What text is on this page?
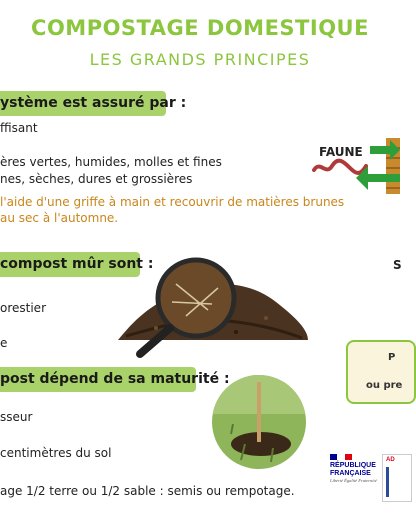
COMPOSTAGE DOMESTIQUE
LES GRANDS PRINCIPES
ystème est assuré par :
ffisant
ères vertes, humides, molles et fines
nes, sèches, dures et grossières
l'aide d'une griffe à main et recouvrir de matières brunes
au sec à l'automne.
FAUNE
compost mûr sont :
orestier
e
S
P
ou pre
post dépend de sa maturité :
sseur
centimètres du sol
age 1/2 terre ou 1/2 sable : semis ou rempotage.
RÉPUBLIQUE
FRANÇAISE
Liberté Égalité Fraternité
AD
